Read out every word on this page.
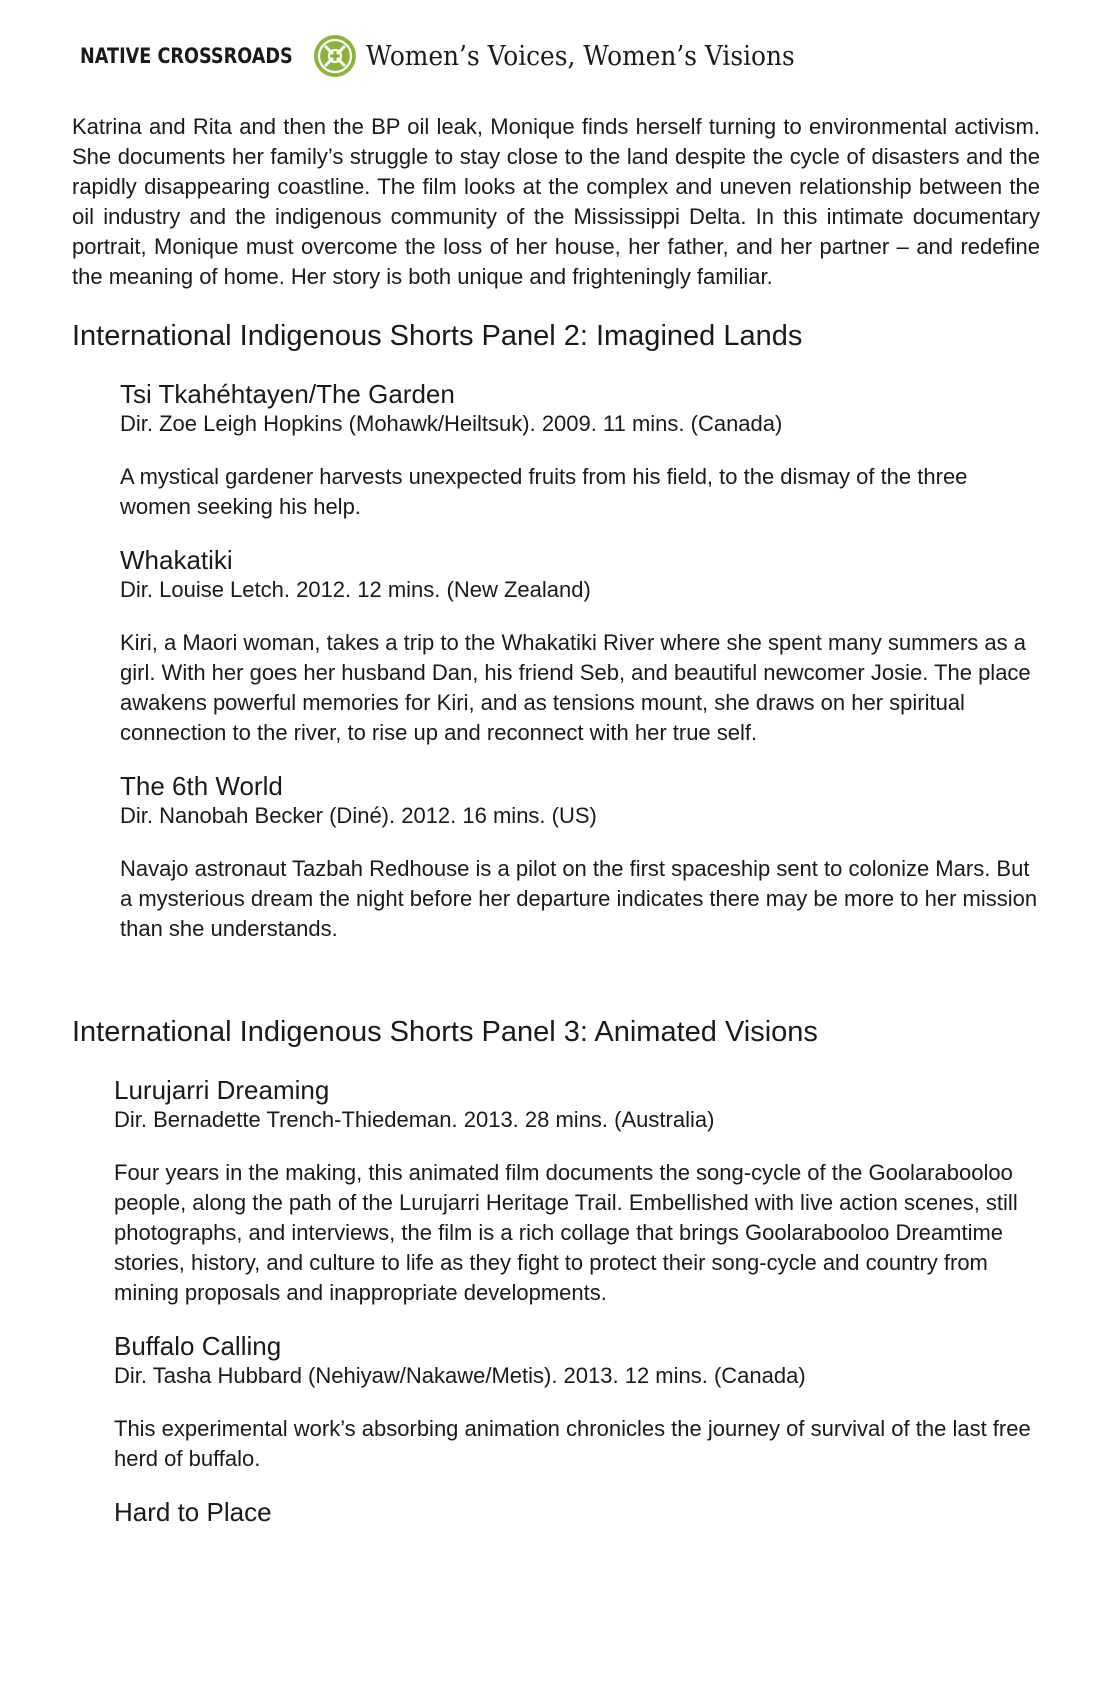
NATIVE CROSSROADS	Women’s Voices, Women’s Visions

Katrina and Rita and then the BP oil leak, Monique finds herself turning to environmental activism. She documents her family’s struggle to stay close to the land despite the cycle of disasters and the rapidly disappearing coastline. The film looks at the complex and uneven relationship between the oil industry and the indigenous community of the Mississippi Delta. In this intimate documentary portrait, Monique must overcome the loss of her house, her father, and her partner – and redefine the meaning of home. Her story is both unique and frighteningly familiar.

International Indigenous Shorts Panel 2: Imagined Lands
Tsi Tkahéhtayen/The Garden

Dir. Zoe Leigh Hopkins (Mohawk/Heiltsuk). 2009. 11 mins. (Canada)

A mystical gardener harvests unexpected fruits from his field, to the dismay of the three women seeking his help.

Whakatiki

Dir. Louise Letch. 2012. 12 mins. (New Zealand)

Kiri, a Maori woman, takes a trip to the Whakatiki River where she spent many summers as a girl. With her goes her husband Dan, his friend Seb, and beautiful newcomer Josie. The place awakens powerful memories for Kiri, and as tensions mount, she draws on her spiritual connection to the river, to rise up and reconnect with her true self.

The 6th World

Dir. Nanobah Becker (Diné). 2012. 16 mins. (US)

Navajo astronaut Tazbah Redhouse is a pilot on the first spaceship sent to colonize Mars. But a mysterious dream the night before her departure indicates there may be more to her mission than she understands.

International Indigenous Shorts Panel 3: Animated Visions
Lurujarri Dreaming

Dir. Bernadette Trench-Thiedeman. 2013. 28 mins. (Australia)

Four years in the making, this animated film documents the song-cycle of the Goolarabooloo people, along the path of the Lurujarri Heritage Trail. Embellished with live action scenes, still photographs, and interviews, the film is a rich collage that brings Goolarabooloo Dreamtime stories, history, and culture to life as they fight to protect their song-cycle and country from mining proposals and inappropriate developments.

Buffalo Calling

Dir. Tasha Hubbard (Nehiyaw/Nakawe/Metis). 2013. 12 mins. (Canada)

This experimental work’s absorbing animation chronicles the journey of survival of the last free herd of buffalo.

Hard to Place
